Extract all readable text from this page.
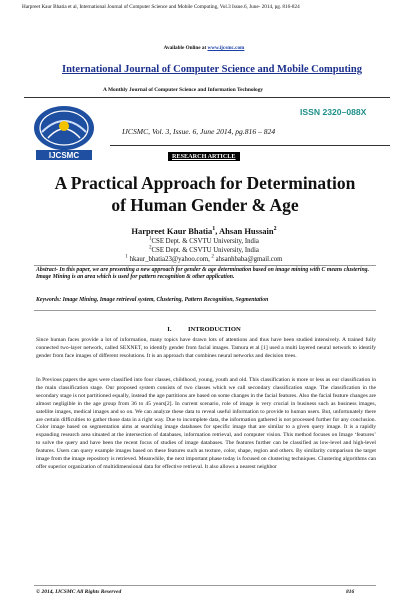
Harpreet Kaur Bhatia et al, International Journal of Computer Science and Mobile Computing, Vol.3 Issue.6, June- 2014, pg. 816-824
Available Online at www.ijcsmc.com
International Journal of Computer Science and Mobile Computing
A Monthly Journal of Computer Science and Information Technology
IJCSMC
ISSN 2320–088X
IJCSMC, Vol. 3, Issue. 6, June 2014, pg.816 – 824
RESEARCH ARTICLE
A Practical Approach for Determination
of Human Gender & Age
Harpreet Kaur Bhatia$^1$, Ahsan Hussain$^2$
$^1$CSE Dept. & CSVTU University, India
$^2$CSE Dept. & CSVTU University, India
$^1$ hkaur_bhatia23@yahoo.com, $^2$ ahsanhbaba@gmail.com
Abstract- In this paper, we are presenting a new approach for gender & age determination based on image mining with C means clustering. Image Mining is an area which is used for pattern recognition & other application.
Keywords: Image Mining, Image retrieval system, Clustering, Pattern Recognition, Segmentation
I.          INTRODUCTION
Since human faces provide a lot of information, many topics have drawn lots of attentions and thus have been studied intensively. A trained fully connected two-layer network, called SEXNET, to identify gender from facial images. Tamura et al [1] used a multi layered neural network to identify gender from face images of different resolutions. It is an approach that combines neural networks and decision trees.
In Previous papers the ages were classified into four classes, childhood, young, youth and old. This classification is more or less as our classification in the main classification stage. Our proposed system consists of two classes which we call secondary classification stage. The classification in the secondary stage is not partitioned equally, instead the age partitions are based on some changes in the facial features. Also the facial feature changes are almost negligible in the age group from 36 to 45 years[2]. In current scenario, role of image is very crucial in business such as business images, satellite images, medical images and so on. We can analyze these data to reveal useful information to provide to human users. But, unfortunately there are certain difficulties to gather those data in a right way. Due to incomplete data, the information gathered is not processed further for any conclusion. Color image based on segmentation aims at searching image databases for specific image that are similar to a given query image. It is a rapidly expanding research area situated at the intersection of databases, information retrieval, and computer vision. This method focuses on Image ‘features’ to solve the query and have been the recent focus of studies of image databases. The features further can be classified as low-level and high-level features. Users can query example images based on these features such as texture, color, shape, region and others. By similarity comparison the target image from the image repository is retrieved. Meanwhile, the next important phase today is focused on clustering techniques. Clustering algorithms can offer superior organization of multidimensional data for effective retrieval. It also allows a nearest neighbor
© 2014, IJCSMC All Rights Reserved	816
